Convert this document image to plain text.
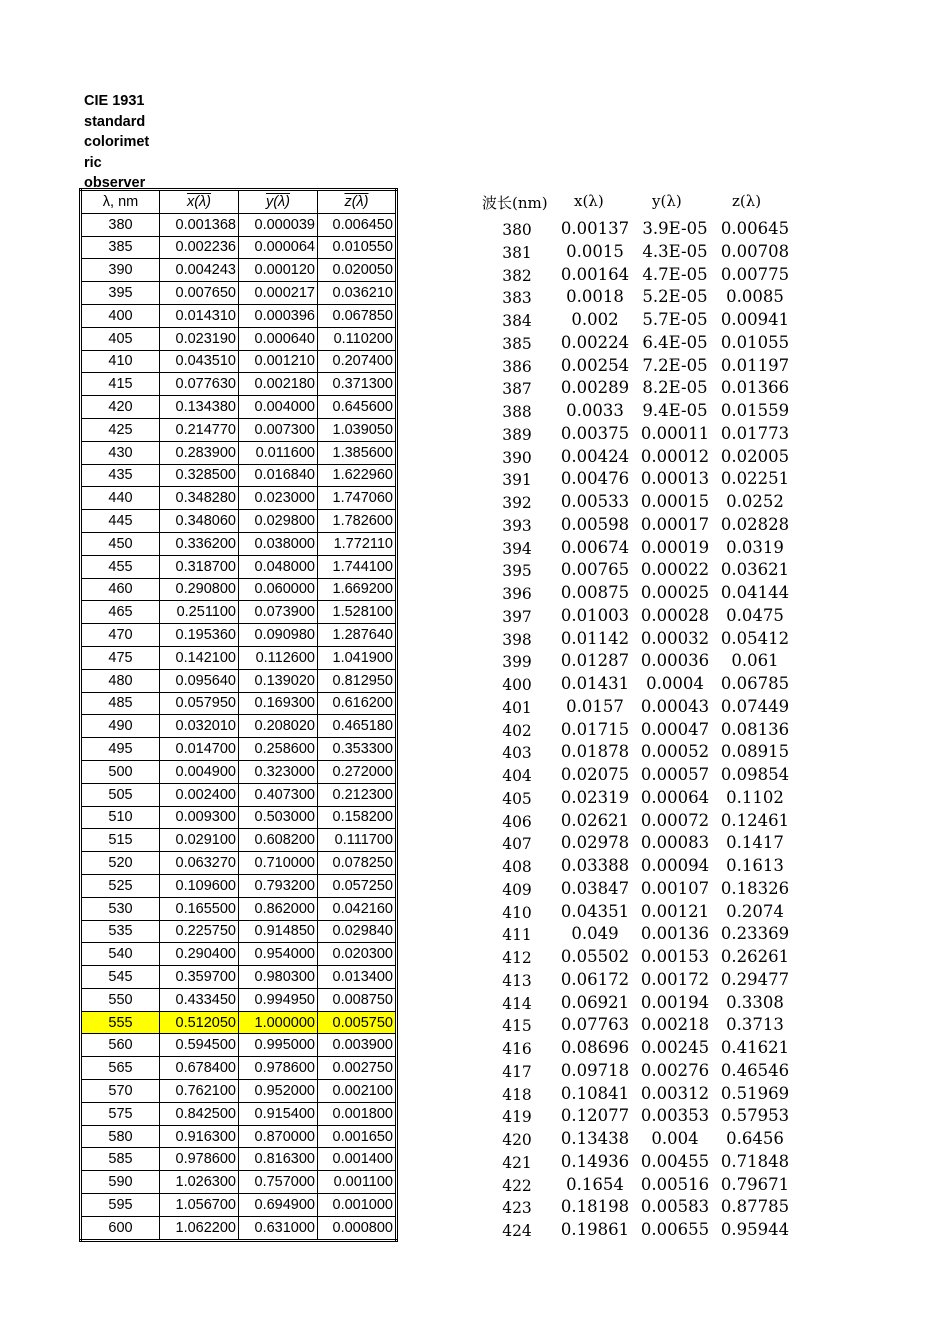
CIE 1931
standard
colorimet
ric
observer
λ, nm	x(λ)	y(λ)	z(λ)
380	0.001368	0.000039	0.006450
385	0.002236	0.000064	0.010550
390	0.004243	0.000120	0.020050
395	0.007650	0.000217	0.036210
400	0.014310	0.000396	0.067850
405	0.023190	0.000640	0.110200
410	0.043510	0.001210	0.207400
415	0.077630	0.002180	0.371300
420	0.134380	0.004000	0.645600
425	0.214770	0.007300	1.039050
430	0.283900	0.011600	1.385600
435	0.328500	0.016840	1.622960
440	0.348280	0.023000	1.747060
445	0.348060	0.029800	1.782600
450	0.336200	0.038000	1.772110
455	0.318700	0.048000	1.744100
460	0.290800	0.060000	1.669200
465	0.251100	0.073900	1.528100
470	0.195360	0.090980	1.287640
475	0.142100	0.112600	1.041900
480	0.095640	0.139020	0.812950
485	0.057950	0.169300	0.616200
490	0.032010	0.208020	0.465180
495	0.014700	0.258600	0.353300
500	0.004900	0.323000	0.272000
505	0.002400	0.407300	0.212300
510	0.009300	0.503000	0.158200
515	0.029100	0.608200	0.111700
520	0.063270	0.710000	0.078250
525	0.109600	0.793200	0.057250
530	0.165500	0.862000	0.042160
535	0.225750	0.914850	0.029840
540	0.290400	0.954000	0.020300
545	0.359700	0.980300	0.013400
550	0.433450	0.994950	0.008750
555	0.512050	1.000000	0.005750
560	0.594500	0.995000	0.003900
565	0.678400	0.978600	0.002750
570	0.762100	0.952000	0.002100
575	0.842500	0.915400	0.001800
580	0.916300	0.870000	0.001650
585	0.978600	0.816300	0.001400
590	1.026300	0.757000	0.001100
595	1.056700	0.694900	0.001000
600	1.062200	0.631000	0.000800
波长(nm) x(λ)	y(λ)	z(λ)
380	0.00137 3.9E-05 0.00645
381	0.0015	4.3E-05 0.00708
382	0.00164 4.7E-05 0.00775
383	0.0018	5.2E-05	0.0085
384	0.002	5.7E-05 0.00941
385	0.00224 6.4E-05 0.01055
386	0.00254 7.2E-05 0.01197
387	0.00289 8.2E-05 0.01366
388	0.0033	9.4E-05 0.01559
389	0.00375 0.00011 0.01773
390	0.00424 0.00012 0.02005
391	0.00476 0.00013 0.02251
392	0.00533 0.00015	0.0252
393	0.00598 0.00017 0.02828
394	0.00674 0.00019	0.0319
395	0.00765 0.00022 0.03621
396	0.00875 0.00025 0.04144
397	0.01003 0.00028	0.0475
398	0.01142 0.00032 0.05412
399	0.01287 0.00036	0.061
400	0.01431	0.0004	0.06785
401	0.0157	0.00043 0.07449
402	0.01715 0.00047 0.08136
403	0.01878 0.00052 0.08915
404	0.02075 0.00057 0.09854
405	0.02319 0.00064	0.1102
406	0.02621 0.00072 0.12461
407	0.02978 0.00083	0.1417
408	0.03388 0.00094	0.1613
409	0.03847 0.00107 0.18326
410	0.04351 0.00121	0.2074
411	0.049	0.00136 0.23369
412	0.05502 0.00153 0.26261
413	0.06172 0.00172 0.29477
414	0.06921 0.00194	0.3308
415	0.07763 0.00218	0.3713
416	0.08696 0.00245 0.41621
417	0.09718 0.00276 0.46546
418	0.10841 0.00312 0.51969
419	0.12077 0.00353 0.57953
420	0.13438	0.004	0.6456
421	0.14936 0.00455 0.71848
422	0.1654	0.00516 0.79671
423	0.18198 0.00583 0.87785
424	0.19861 0.00655 0.95944
